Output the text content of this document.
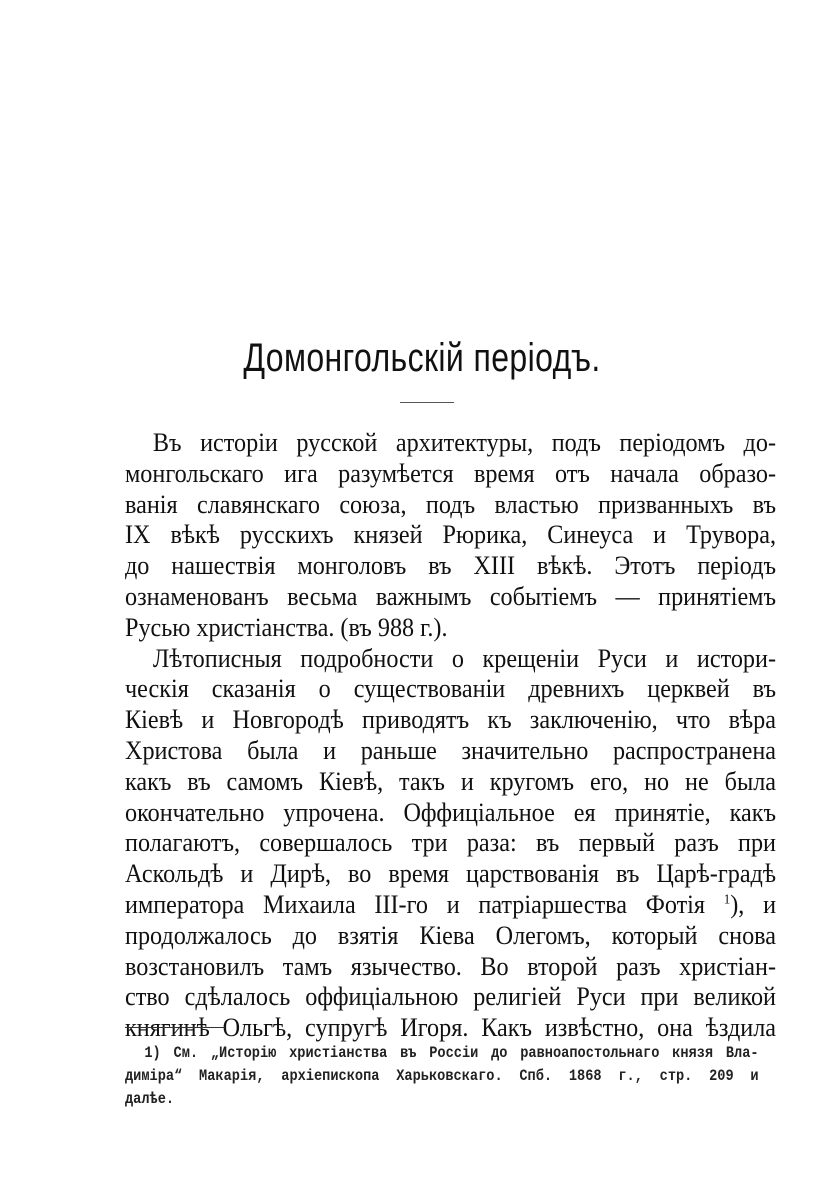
Домонгольскій періодъ.
Въ исторіи русской архитектуры, подъ періодомъ до-
монгольскаго ига разумѣется время отъ начала образо-
ванія славянскаго союза, подъ властью призванныхъ въ
IX вѣкѣ русскихъ князей Рюрика, Синеуса и Трувора,
до нашествія монголовъ въ XIII вѣкѣ. Этотъ періодъ
ознаменованъ весьма важнымъ событіемъ — принятіемъ
Русью христіанства. (въ 988 г.).
Лѣтописныя подробности о крещеніи Руси и истори-
ческія сказанія о существованіи древнихъ церквей въ
Кіевѣ и Новгородѣ приводятъ къ заключенію, что вѣра
Христова была и раньше значительно распространена
какъ въ самомъ Кіевѣ, такъ и кругомъ его, но не была
окончательно упрочена. Оффиціальное ея принятіе, какъ
полагаютъ, совершалось три раза: въ первый разъ при
Аскольдѣ и Дирѣ, во время царствованія въ Царѣ-градѣ
императора Михаила III-го и патріаршества Фотія $^1$), и
продолжалось до взятія Кіева Олегомъ, который снова
возстановилъ тамъ язычество. Во второй разъ христіан-
ство сдѣлалось оффиціальною религіей Руси при великой
княгинѣ Ольгѣ, супругѣ Игоря. Какъ извѣстно, она ѣздила
1) См. „Исторію христіанства въ Россіи до равноапостольнаго князя Вла-
диміра“ Макарія, архіепископа Харьковскаго. Спб. 1868 г., стр. 209 и
далѣе.
